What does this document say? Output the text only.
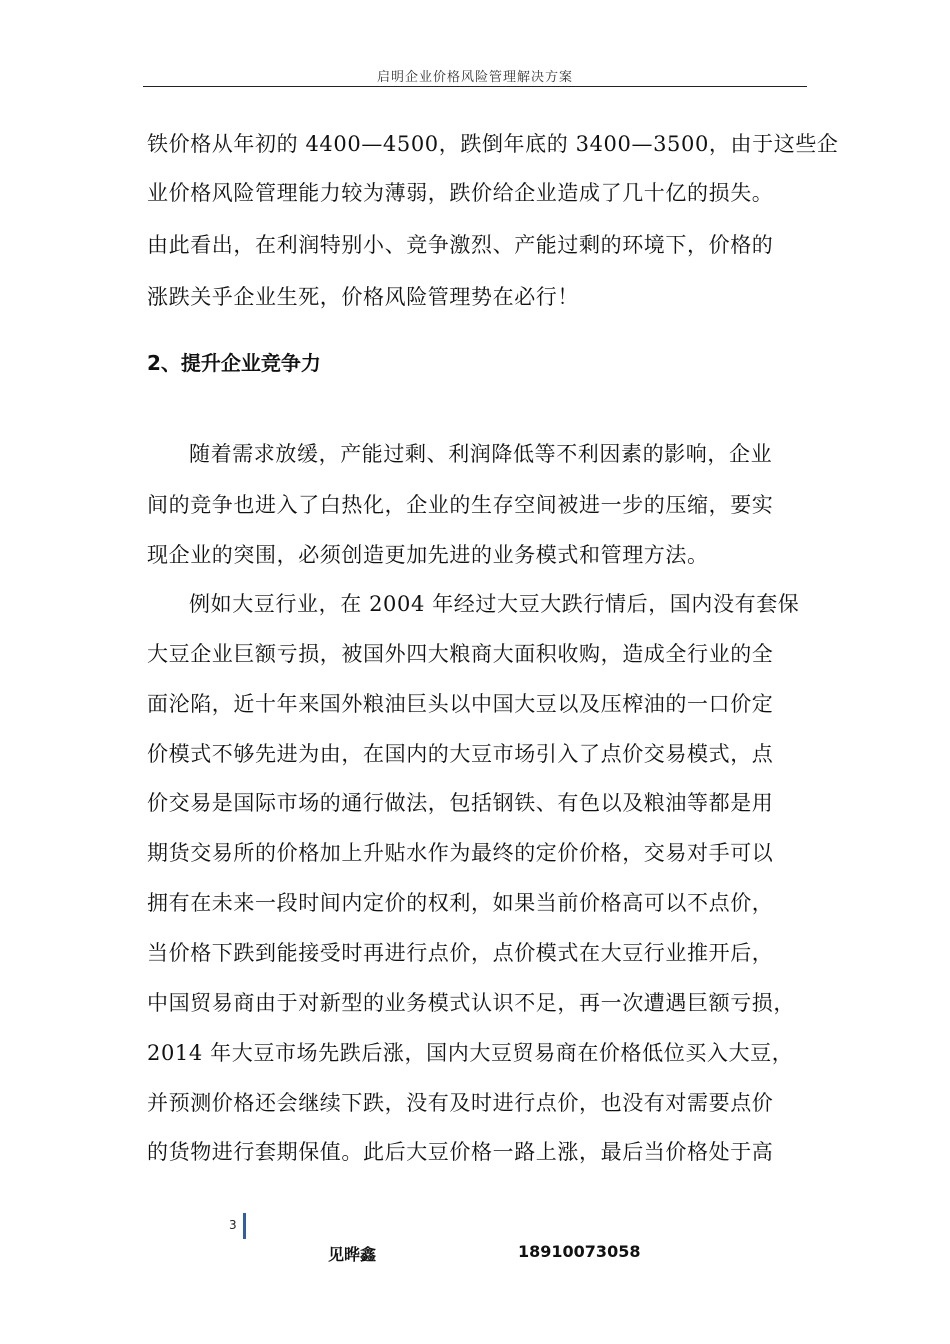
启明企业价格风险管理解决方案
铁价格从年初的 4400—4500，跌倒年底的 3400—3500，由于这些企
业价格风险管理能力较为薄弱，跌价给企业造成了几十亿的损失。
由此看出，在利润特别小、竞争激烈、产能过剩的环境下，价格的
涨跌关乎企业生死，价格风险管理势在必行！
2、提升企业竞争力
随着需求放缓，产能过剩、利润降低等不利因素的影响，企业
间的竞争也进入了白热化，企业的生存空间被进一步的压缩，要实
现企业的突围，必须创造更加先进的业务模式和管理方法。
例如大豆行业，在 2004 年经过大豆大跌行情后，国内没有套保
大豆企业巨额亏损，被国外四大粮商大面积收购，造成全行业的全
面沦陷，近十年来国外粮油巨头以中国大豆以及压榨油的一口价定
价模式不够先进为由，在国内的大豆市场引入了点价交易模式，点
价交易是国际市场的通行做法，包括钢铁、有色以及粮油等都是用
期货交易所的价格加上升贴水作为最终的定价价格，交易对手可以
拥有在未来一段时间内定价的权利，如果当前价格高可以不点价，
当价格下跌到能接受时再进行点价，点价模式在大豆行业推开后，
中国贸易商由于对新型的业务模式认识不足，再一次遭遇巨额亏损，
2014 年大豆市场先跌后涨，国内大豆贸易商在价格低位买入大豆，
并预测价格还会继续下跌，没有及时进行点价，也没有对需要点价
的货物进行套期保值。此后大豆价格一路上涨，最后当价格处于高
3
见晔鑫	18910073058
